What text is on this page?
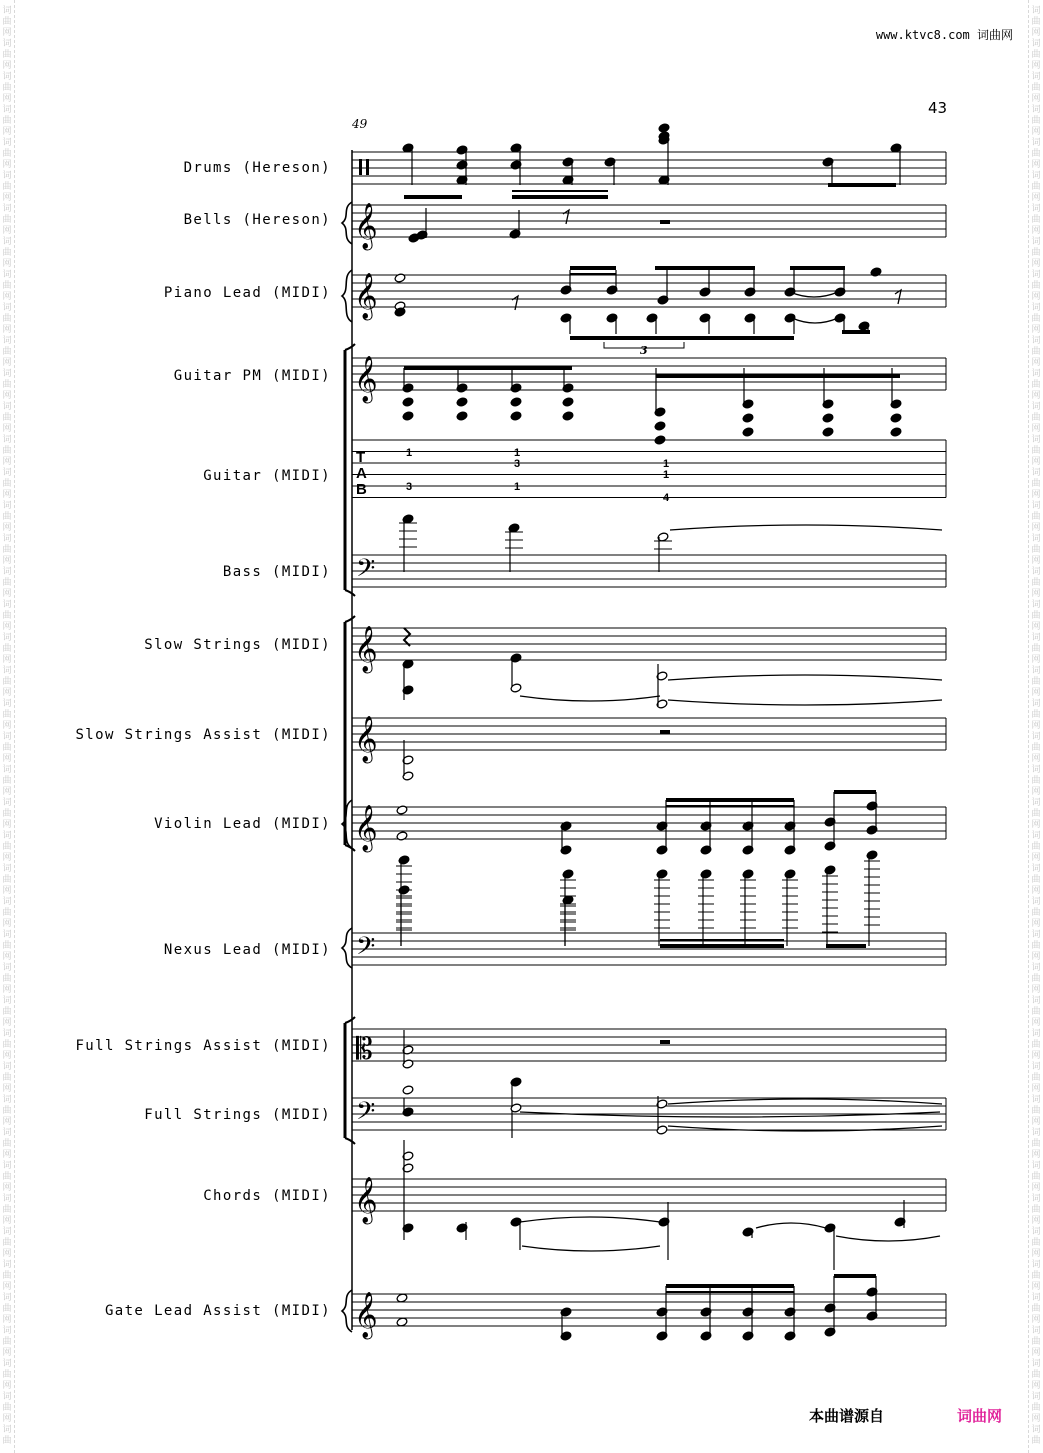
词
曲
网
词
曲
网
词
曲
网
词
曲
网
词
曲
网
词
曲
网
词
曲
网
词
曲
网
词
曲
网
词
曲
网
词
曲
网
词
曲
网
词
曲
网
词
曲
网
词
曲
网
词
曲
网
词
曲
网
词
曲
网
词
曲
网
词
曲
网
词
曲
网
词
曲
网
词
曲
网
词
曲
网
词
曲
网
词
曲
网
词
曲
网
词
曲
网
词
曲
网
词
曲
网
词
曲
网
词
曲
网
词
曲
网
词
曲
网
词
曲
网
词
曲
网
词
曲
网
词
曲
网
词
曲
网
词
曲
网
词
曲
网
词
曲
网
词
曲
网
词
曲
词
曲
网
词
曲
网
词
曲
网
词
曲
网
词
曲
网
词
曲
网
词
曲
网
词
曲
网
词
曲
网
词
曲
网
词
曲
网
词
曲
网
词
曲
网
词
曲
网
词
曲
网
词
曲
网
词
曲
网
词
曲
网
词
曲
网
词
曲
网
词
曲
网
词
曲
网
词
曲
网
词
曲
网
词
曲
网
词
曲
网
词
曲
网
词
曲
网
词
曲
网
词
曲
网
词
曲
网
词
曲
网
词
曲
网
词
曲
网
词
曲
网
词
曲
网
词
曲
网
词
曲
网
词
曲
网
词
曲
网
词
曲
网
词
曲
网
词
曲
网
词
曲
www.ktvc8.com 词曲网
43
49
Drums (Hereson)
Bells (Hereson)
Piano Lead (MIDI)
Guitar PM (MIDI)
Guitar (MIDI)
Bass (MIDI)
Slow Strings (MIDI)
Slow Strings Assist (MIDI)
Violin Lead (MIDI)
Nexus Lead (MIDI)
Full Strings Assist (MIDI)
Full Strings (MIDI)
Chords (MIDI)
Gate Lead Assist (MIDI)
𝄞
𝄞
𝄞
𝄞
𝄞
𝄞
𝄞
𝄞
𝄢
𝄢
𝄢
𝄡
T
A
B
1
3
1
3
1
1
1
4
3
本曲谱源自	词曲网
